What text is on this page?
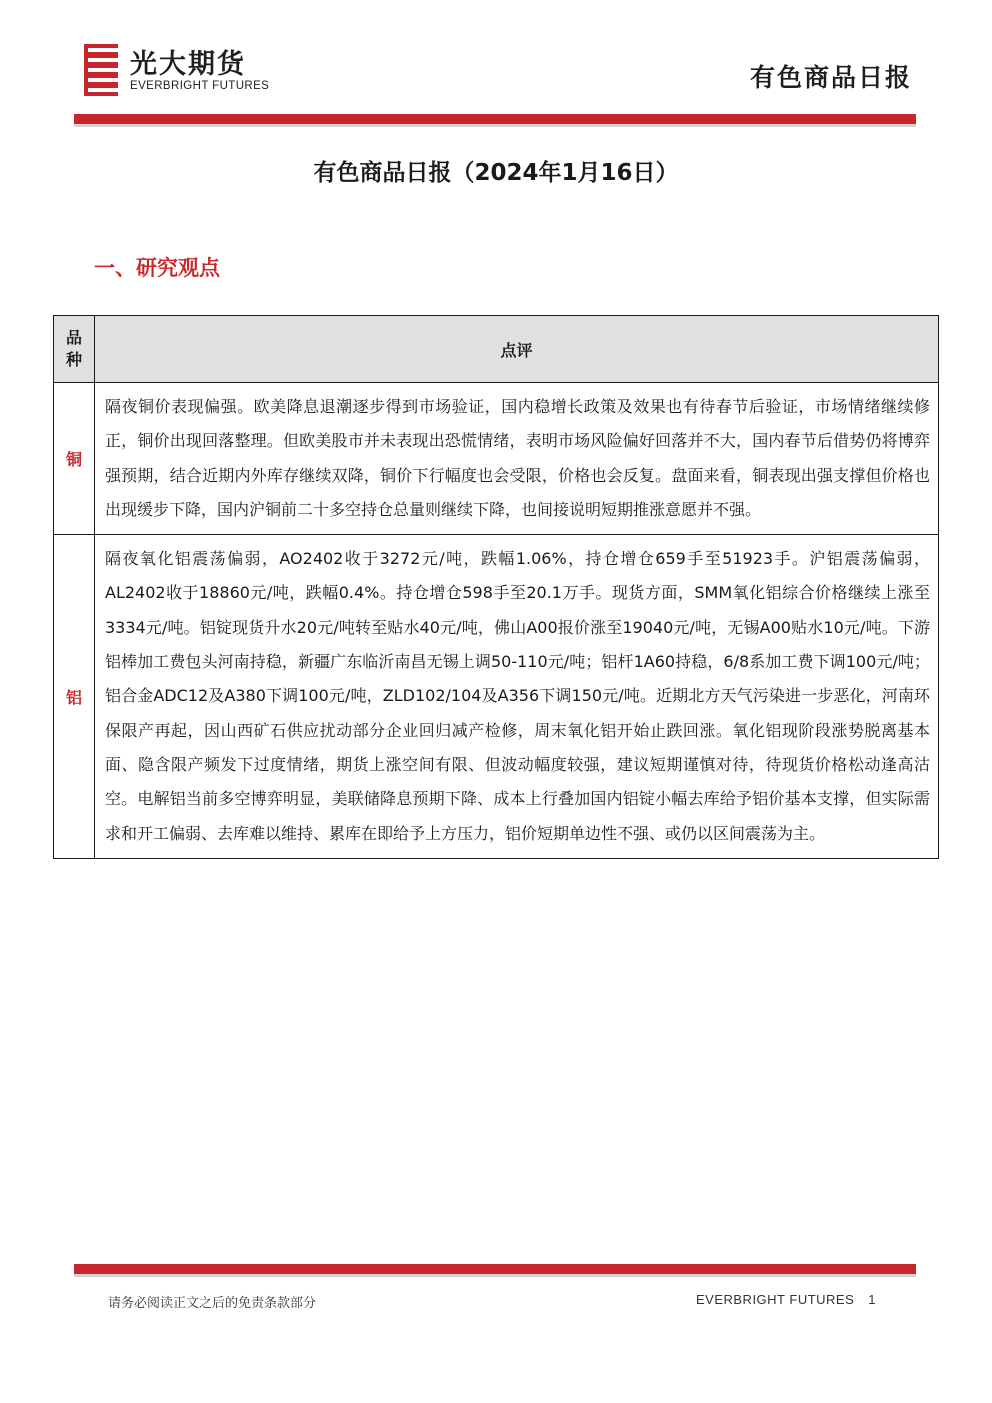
光大期货
EVERBRIGHT FUTURES	有色商品日报
有色商品日报（2024年1月16日）
一、研究观点
品种	点评
铜	隔夜铜价表现偏强。欧美降息退潮逐步得到市场验证，国内稳增长政策及效果也有待春节后验证，市场情绪继续修正，铜价出现回落整理。但欧美股市并未表现出恐慌情绪，表明市场风险偏好回落并不大，国内春节后借势仍将博弈强预期，结合近期内外库存继续双降，铜价下行幅度也会受限，价格也会反复。盘面来看，铜表现出强支撑但价格也出现缓步下降，国内沪铜前二十多空持仓总量则继续下降，也间接说明短期推涨意愿并不强。
铝	隔夜氧化铝震荡偏弱，AO2402收于3272元/吨，跌幅1.06%，持仓增仓659手至51923手。沪铝震荡偏弱，AL2402收于18860元/吨，跌幅0.4%。持仓增仓598手至20.1万手。现货方面，SMM氧化铝综合价格继续上涨至3334元/吨。铝锭现货升水20元/吨转至贴水40元/吨，佛山A00报价涨至19040元/吨，无锡A00贴水10元/吨。下游铝棒加工费包头河南持稳，新疆广东临沂南昌无锡上调50-110元/吨；铝杆1A60持稳，6/8系加工费下调100元/吨；铝合金ADC12及A380下调100元/吨，ZLD102/104及A356下调150元/吨。近期北方天气污染进一步恶化，河南环保限产再起，因山西矿石供应扰动部分企业回归减产检修，周末氧化铝开始止跌回涨。氧化铝现阶段涨势脱离基本面、隐含限产频发下过度情绪，期货上涨空间有限、但波动幅度较强，建议短期谨慎对待，待现货价格松动逢高沽空。电解铝当前多空博弈明显，美联储降息预期下降、成本上行叠加国内铝锭小幅去库给予铝价基本支撑，但实际需求和开工偏弱、去库难以维持、累库在即给予上方压力，铝价短期单边性不强、或仍以区间震荡为主。
请务必阅读正文之后的免责条款部分	EVERBRIGHT FUTURES 1
